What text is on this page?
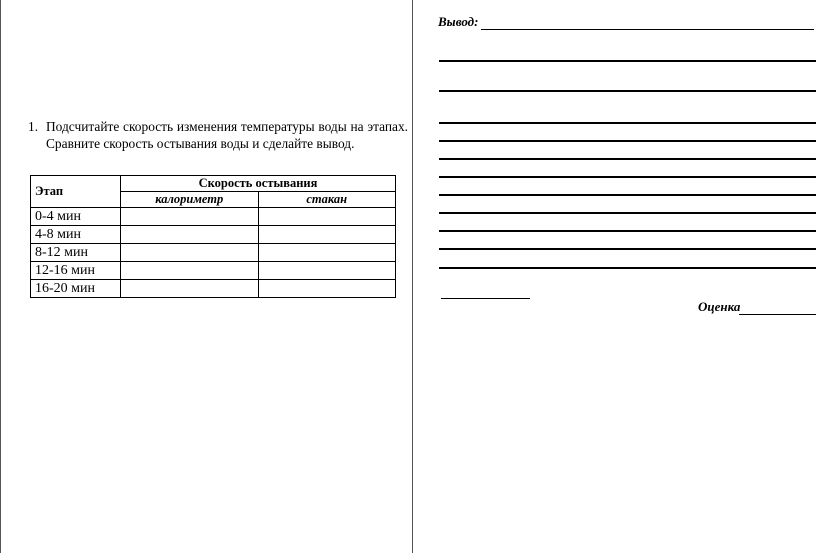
1. Подсчитайте скорость изменения температуры воды на этапах. Сравните скорость остывания воды и сделайте вывод.
Этап	Скорость остывания	
	калориметр	стакан
0-4 мин		
4-8 мин		
8-12 мин		
12-16 мин		
16-20 мин		
Вывод:
Оценка
